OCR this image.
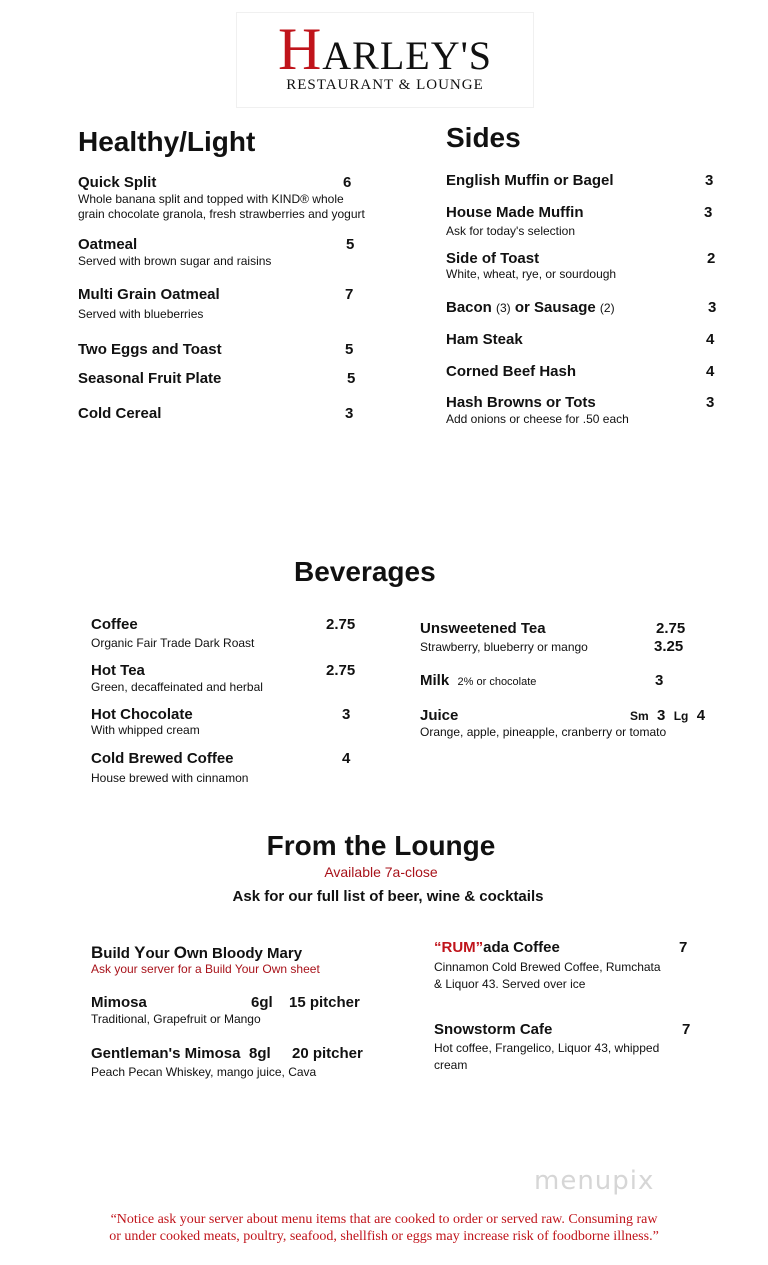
HARLEY'S
RESTAURANT & LOUNGE
Healthy/Light
Quick Split	6
Whole banana split and topped with KIND® whole grain chocolate granola, fresh strawberries and yogurt
Oatmeal	5
Served with brown sugar and raisins
Multi Grain Oatmeal	7
Served with blueberries
Two Eggs and Toast	5
Seasonal Fruit Plate	5
Cold Cereal	3
Sides
English Muffin or Bagel	3
House Made Muffin	3
Ask for today's selection
Side of Toast	2
White, wheat, rye, or sourdough
Bacon (3) or Sausage (2)	3
Ham Steak	4
Corned Beef Hash	4
Hash Browns or Tots	3
Add onions or cheese for .50 each
Beverages
Coffee	2.75
Organic Fair Trade Dark Roast
Hot Tea	2.75
Green, decaffeinated and herbal
Hot Chocolate	3
With whipped cream
Cold Brewed Coffee	4
House brewed with cinnamon
Unsweetened Tea	2.75
Strawberry, blueberry or mango	3.25
Milk 2% or chocolate	3
Juice	Sm 3 Lg 4
Orange, apple, pineapple, cranberry or tomato
From the Lounge
Available 7a-close
Ask for our full list of beer, wine & cocktails
Build Your Own Bloody Mary
Ask your server for a Build Your Own sheet
Mimosa	6gl 15 pitcher
Traditional, Grapefruit or Mango
Gentleman's Mimosa 8gl 20 pitcher
Peach Pecan Whiskey, mango juice, Cava
“RUM”ada Coffee	7
Cinnamon Cold Brewed Coffee, Rumchata
& Liquor 43. Served over ice
Snowstorm Cafe	7
Hot coffee, Frangelico, Liquor 43, whipped
cream
menupix
“Notice ask your server about menu items that are cooked to order or served raw. Consuming raw
or under cooked meats, poultry, seafood, shellfish or eggs may increase risk of foodborne illness.”
